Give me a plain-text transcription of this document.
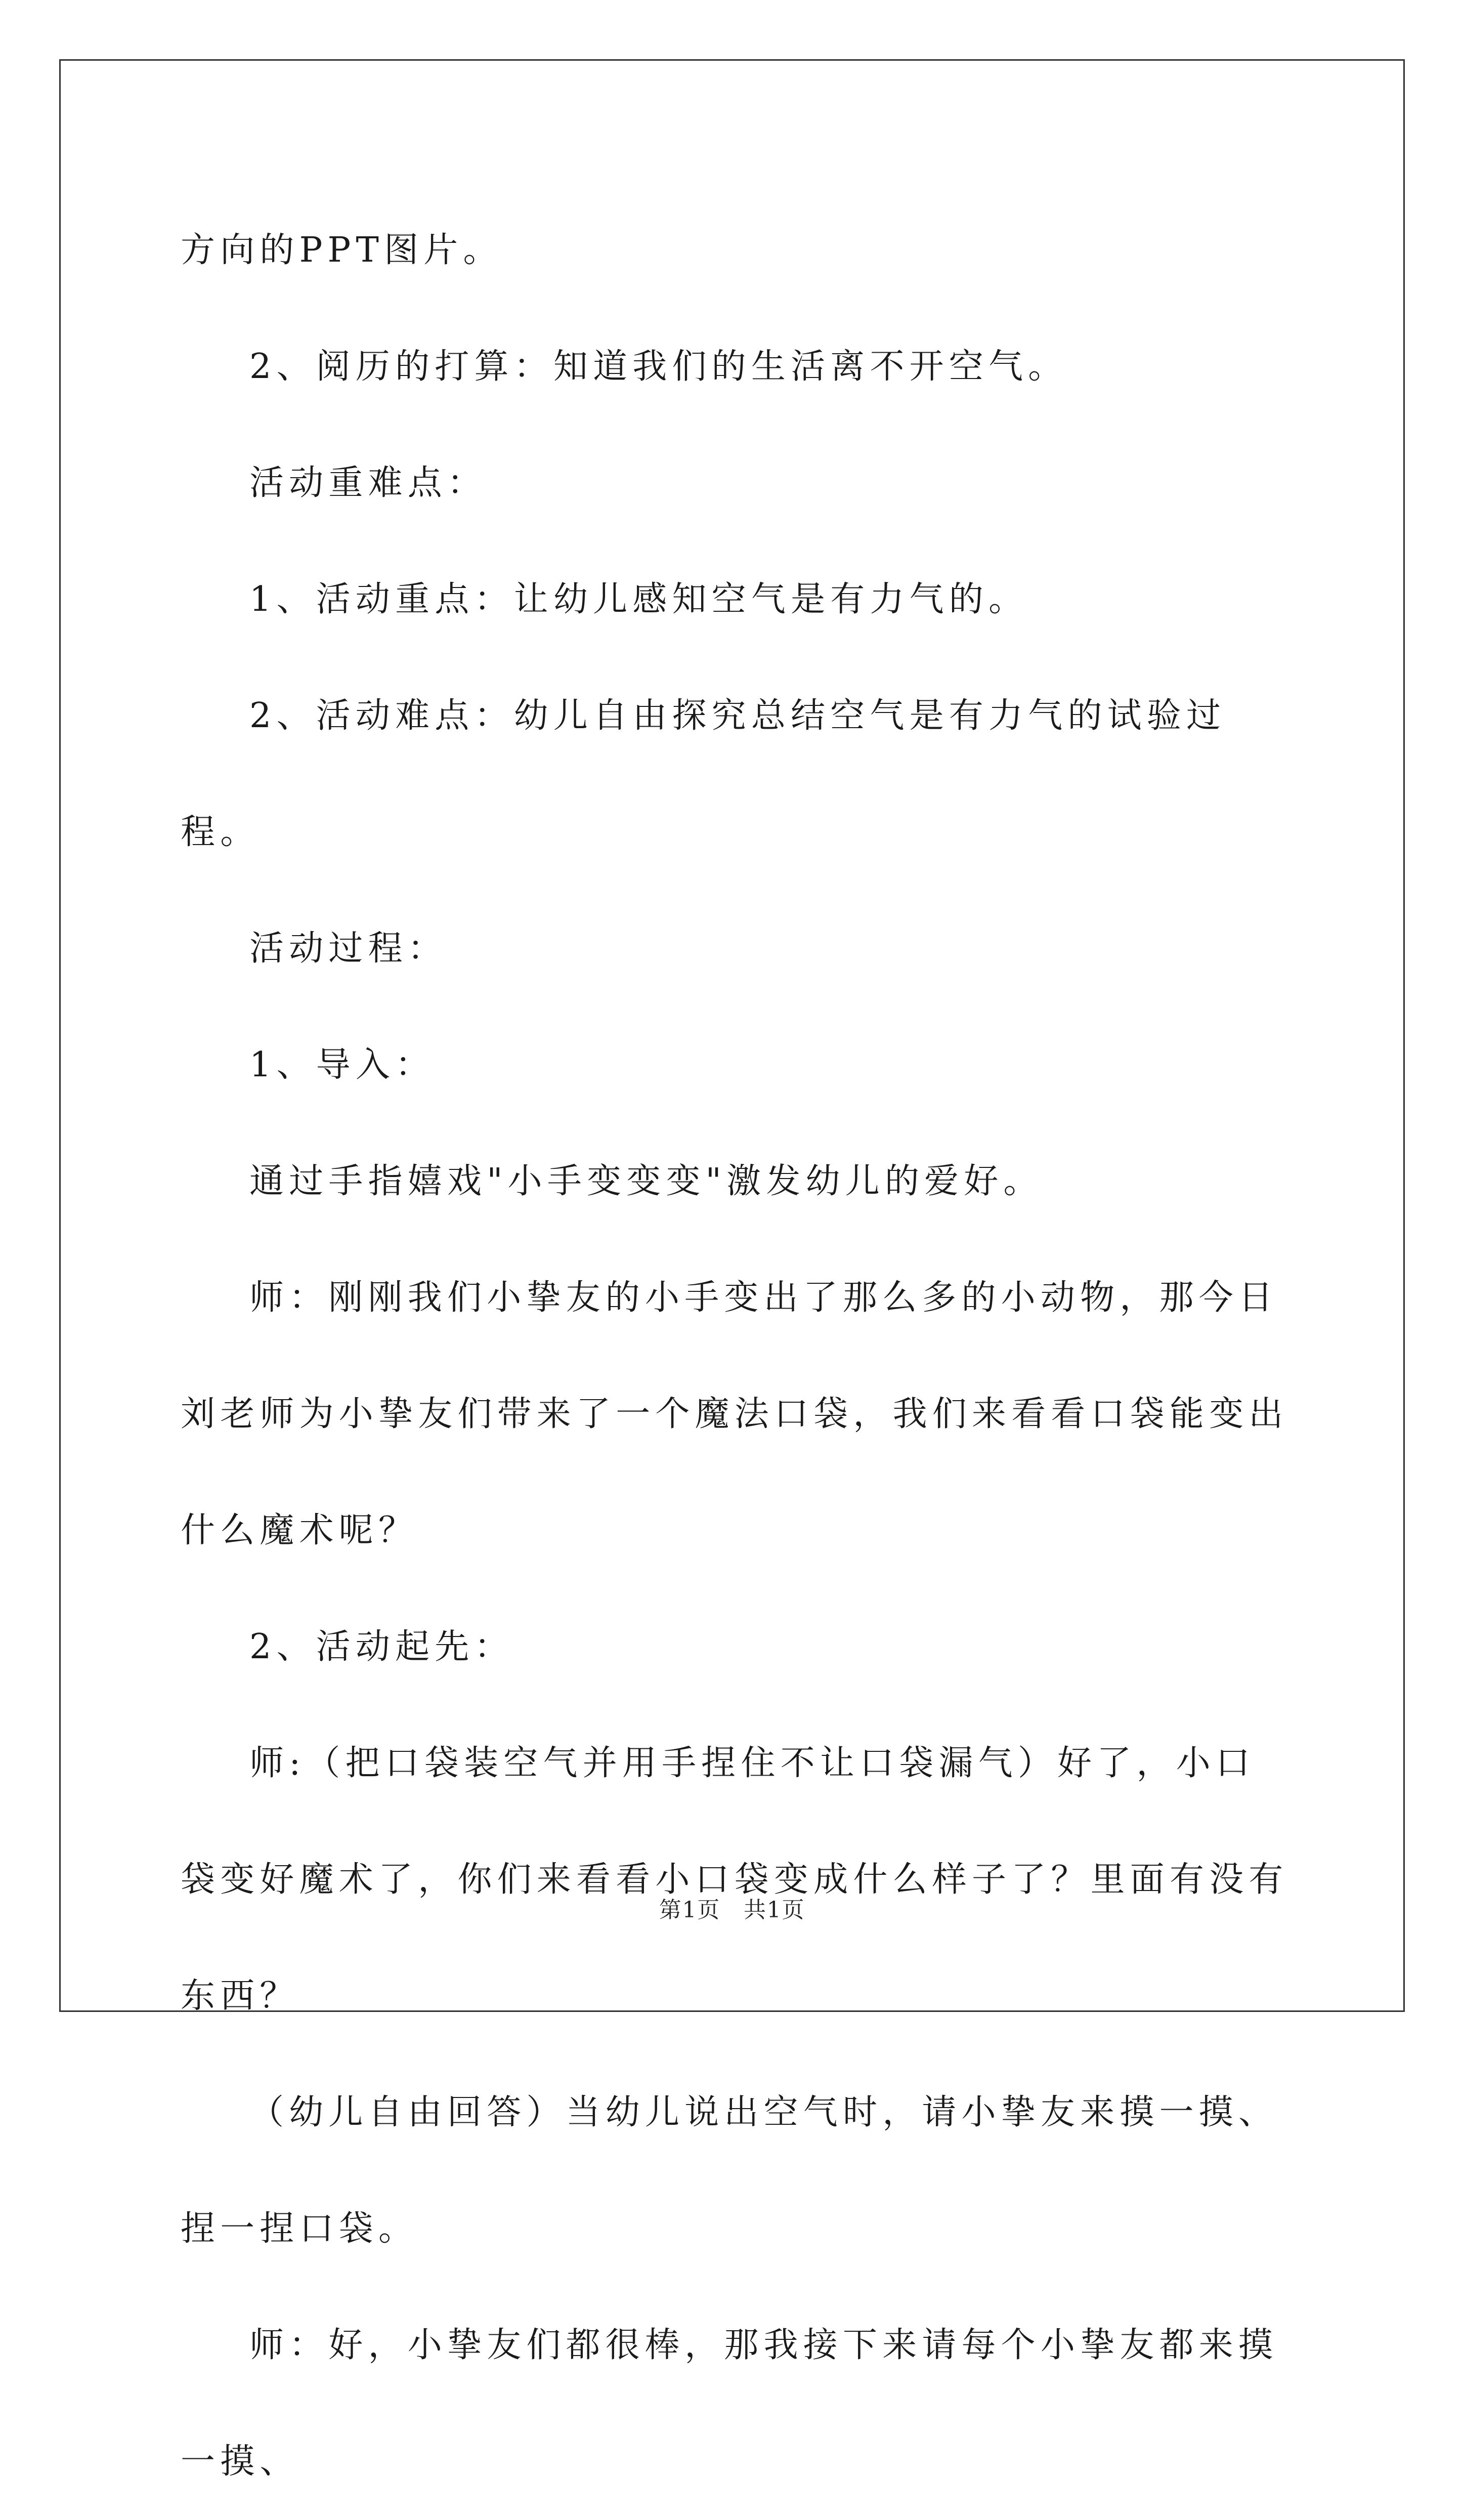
方向的PPT图片。

2、阅历的打算：知道我们的生活离不开空气。

活动重难点：

1、活动重点：让幼儿感知空气是有力气的。

2、活动难点：幼儿自由探究总结空气是有力气的试验过程。

活动过程：

1、导入：

通过手指嬉戏"小手变变变"激发幼儿的爱好。

师：刚刚我们小挚友的小手变出了那么多的小动物，那今日刘老师为小挚友们带来了一个魔法口袋，我们来看看口袋能变出什么魔术呢？

2、活动起先：

师:（把口袋装空气并用手捏住不让口袋漏气）好了，小口袋变好魔术了，你们来看看小口袋变成什么样子了？里面有没有东西？

（幼儿自由回答）当幼儿说出空气时，请小挚友来摸一摸、捏一捏口袋。

师：好，小挚友们都很棒，那我接下来请每个小挚友都来摸一摸、

第1页 共1页
